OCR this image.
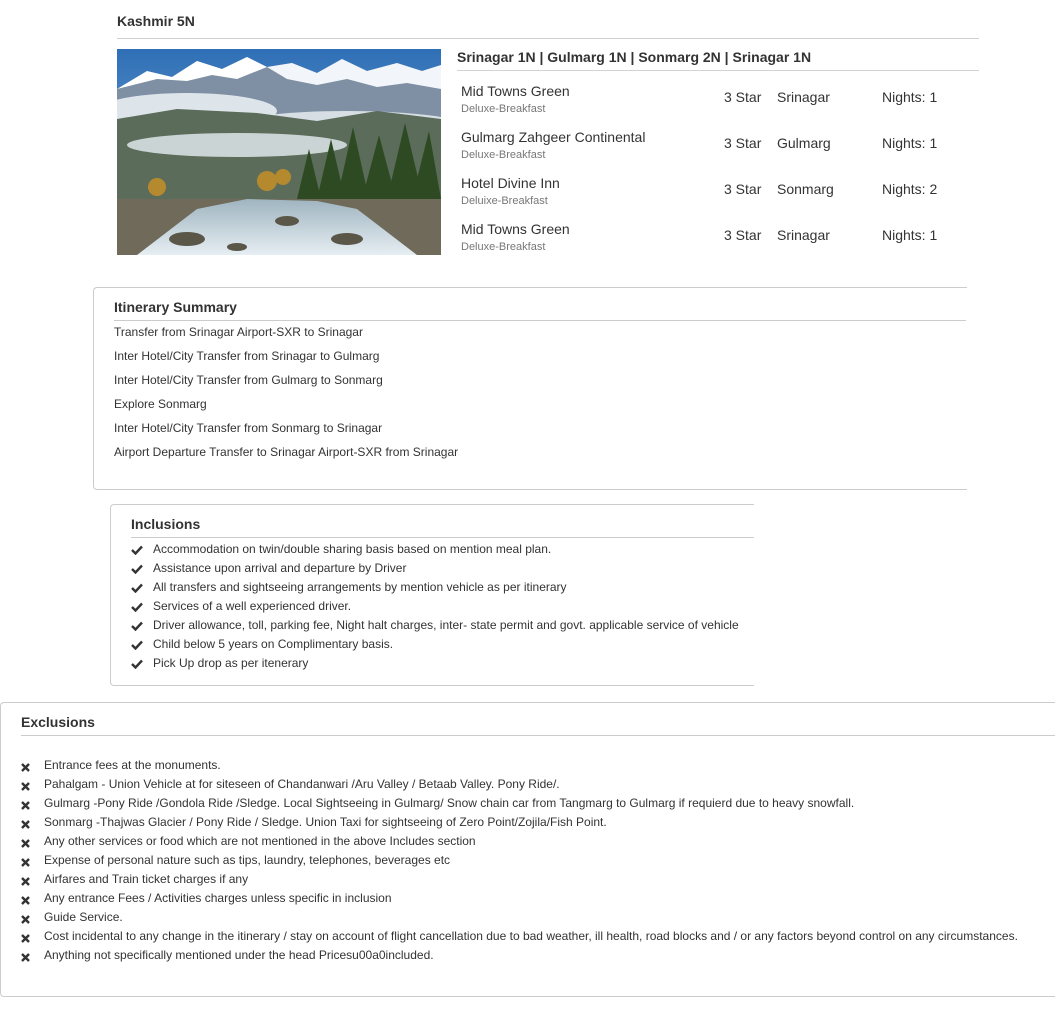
Kashmir 5N
Srinagar 1N | Gulmarg 1N | Sonmarg 2N | Srinagar 1N
Mid Towns Green
Deluxe-Breakfast
3 Star Srinagar	Nights: 1
Gulmarg Zahgeer Continental
Deluxe-Breakfast
3 Star Gulmarg	Nights: 1
Hotel Divine Inn
Deluixe-Breakfast
3 Star Sonmarg	Nights: 2
Mid Towns Green
Deluxe-Breakfast
3 Star Srinagar	Nights: 1
Itinerary Summary
Transfer from Srinagar Airport-SXR to Srinagar
Inter Hotel/City Transfer from Srinagar to Gulmarg
Inter Hotel/City Transfer from Gulmarg to Sonmarg
Explore Sonmarg
Inter Hotel/City Transfer from Sonmarg to Srinagar
Airport Departure Transfer to Srinagar Airport-SXR from Srinagar
Inclusions
Accommodation on twin/double sharing basis based on mention meal plan.
Assistance upon arrival and departure by Driver
All transfers and sightseeing arrangements by mention vehicle as per itinerary
Services of a well experienced driver.
Driver allowance, toll, parking fee, Night halt charges, inter- state permit and govt. applicable service of vehicle
Child below 5 years on Complimentary basis.
Pick Up drop as per itenerary
Exclusions
Entrance fees at the monuments.
Pahalgam - Union Vehicle at for siteseen of Chandanwari /Aru Valley / Betaab Valley. Pony Ride/.
Gulmarg -Pony Ride /Gondola Ride /Sledge. Local Sightseeing in Gulmarg/ Snow chain car from Tangmarg to Gulmarg if requierd due to heavy snowfall.
Sonmarg -Thajwas Glacier / Pony Ride / Sledge. Union Taxi for sightseeing of Zero Point/Zojila/Fish Point.
Any other services or food which are not mentioned in the above Includes section
Expense of personal nature such as tips, laundry, telephones, beverages etc
Airfares and Train ticket charges if any
Any entrance Fees / Activities charges unless specific in inclusion
Guide Service.
Cost incidental to any change in the itinerary / stay on account of flight cancellation due to bad weather, ill health, road blocks and / or any factors beyond control on any circumstances.
Anything not specifically mentioned under the head Pricesu00a0included.
